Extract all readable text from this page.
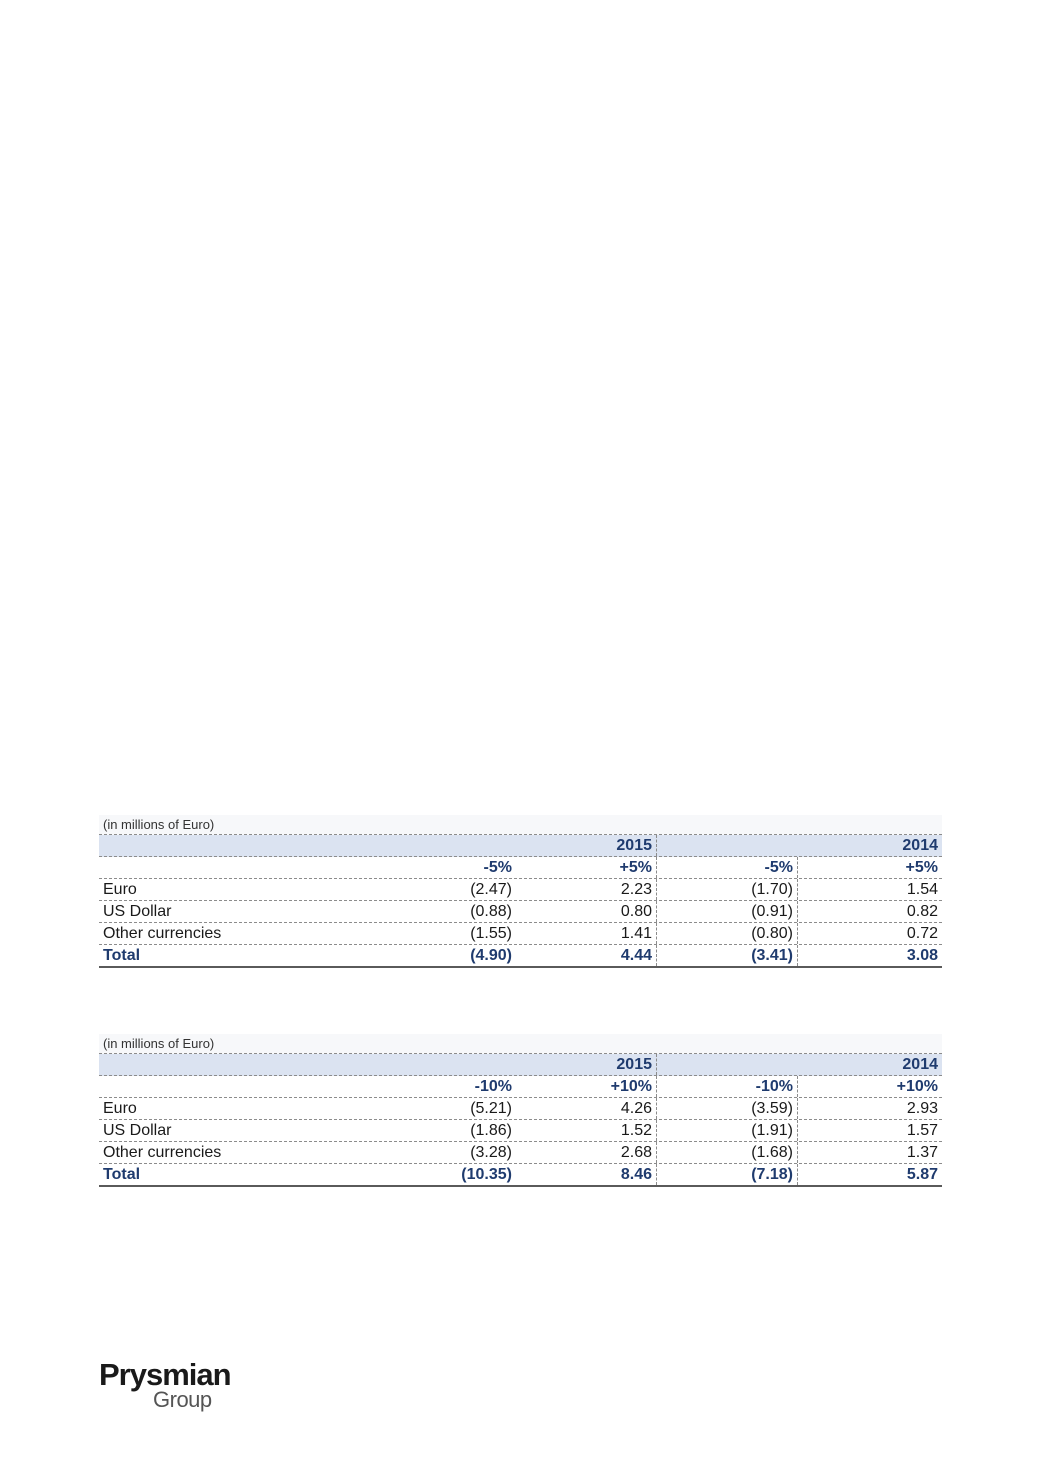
(in millions of Euro)
2015	2014
-5%	+5%	-5%	+5%
Euro	(2.47)	2.23	(1.70)	1.54
US Dollar	(0.88)	0.80	(0.91)	0.82
Other currencies	(1.55)	1.41	(0.80)	0.72
Total	(4.90)	4.44	(3.41)	3.08
(in millions of Euro)
2015	2014
-10%	+10%	-10%	+10%
Euro	(5.21)	4.26	(3.59)	2.93
US Dollar	(1.86)	1.52	(1.91)	1.57
Other currencies	(3.28)	2.68	(1.68)	1.37
Total	(10.35)	8.46	(7.18)	5.87
Prysmian
Group
